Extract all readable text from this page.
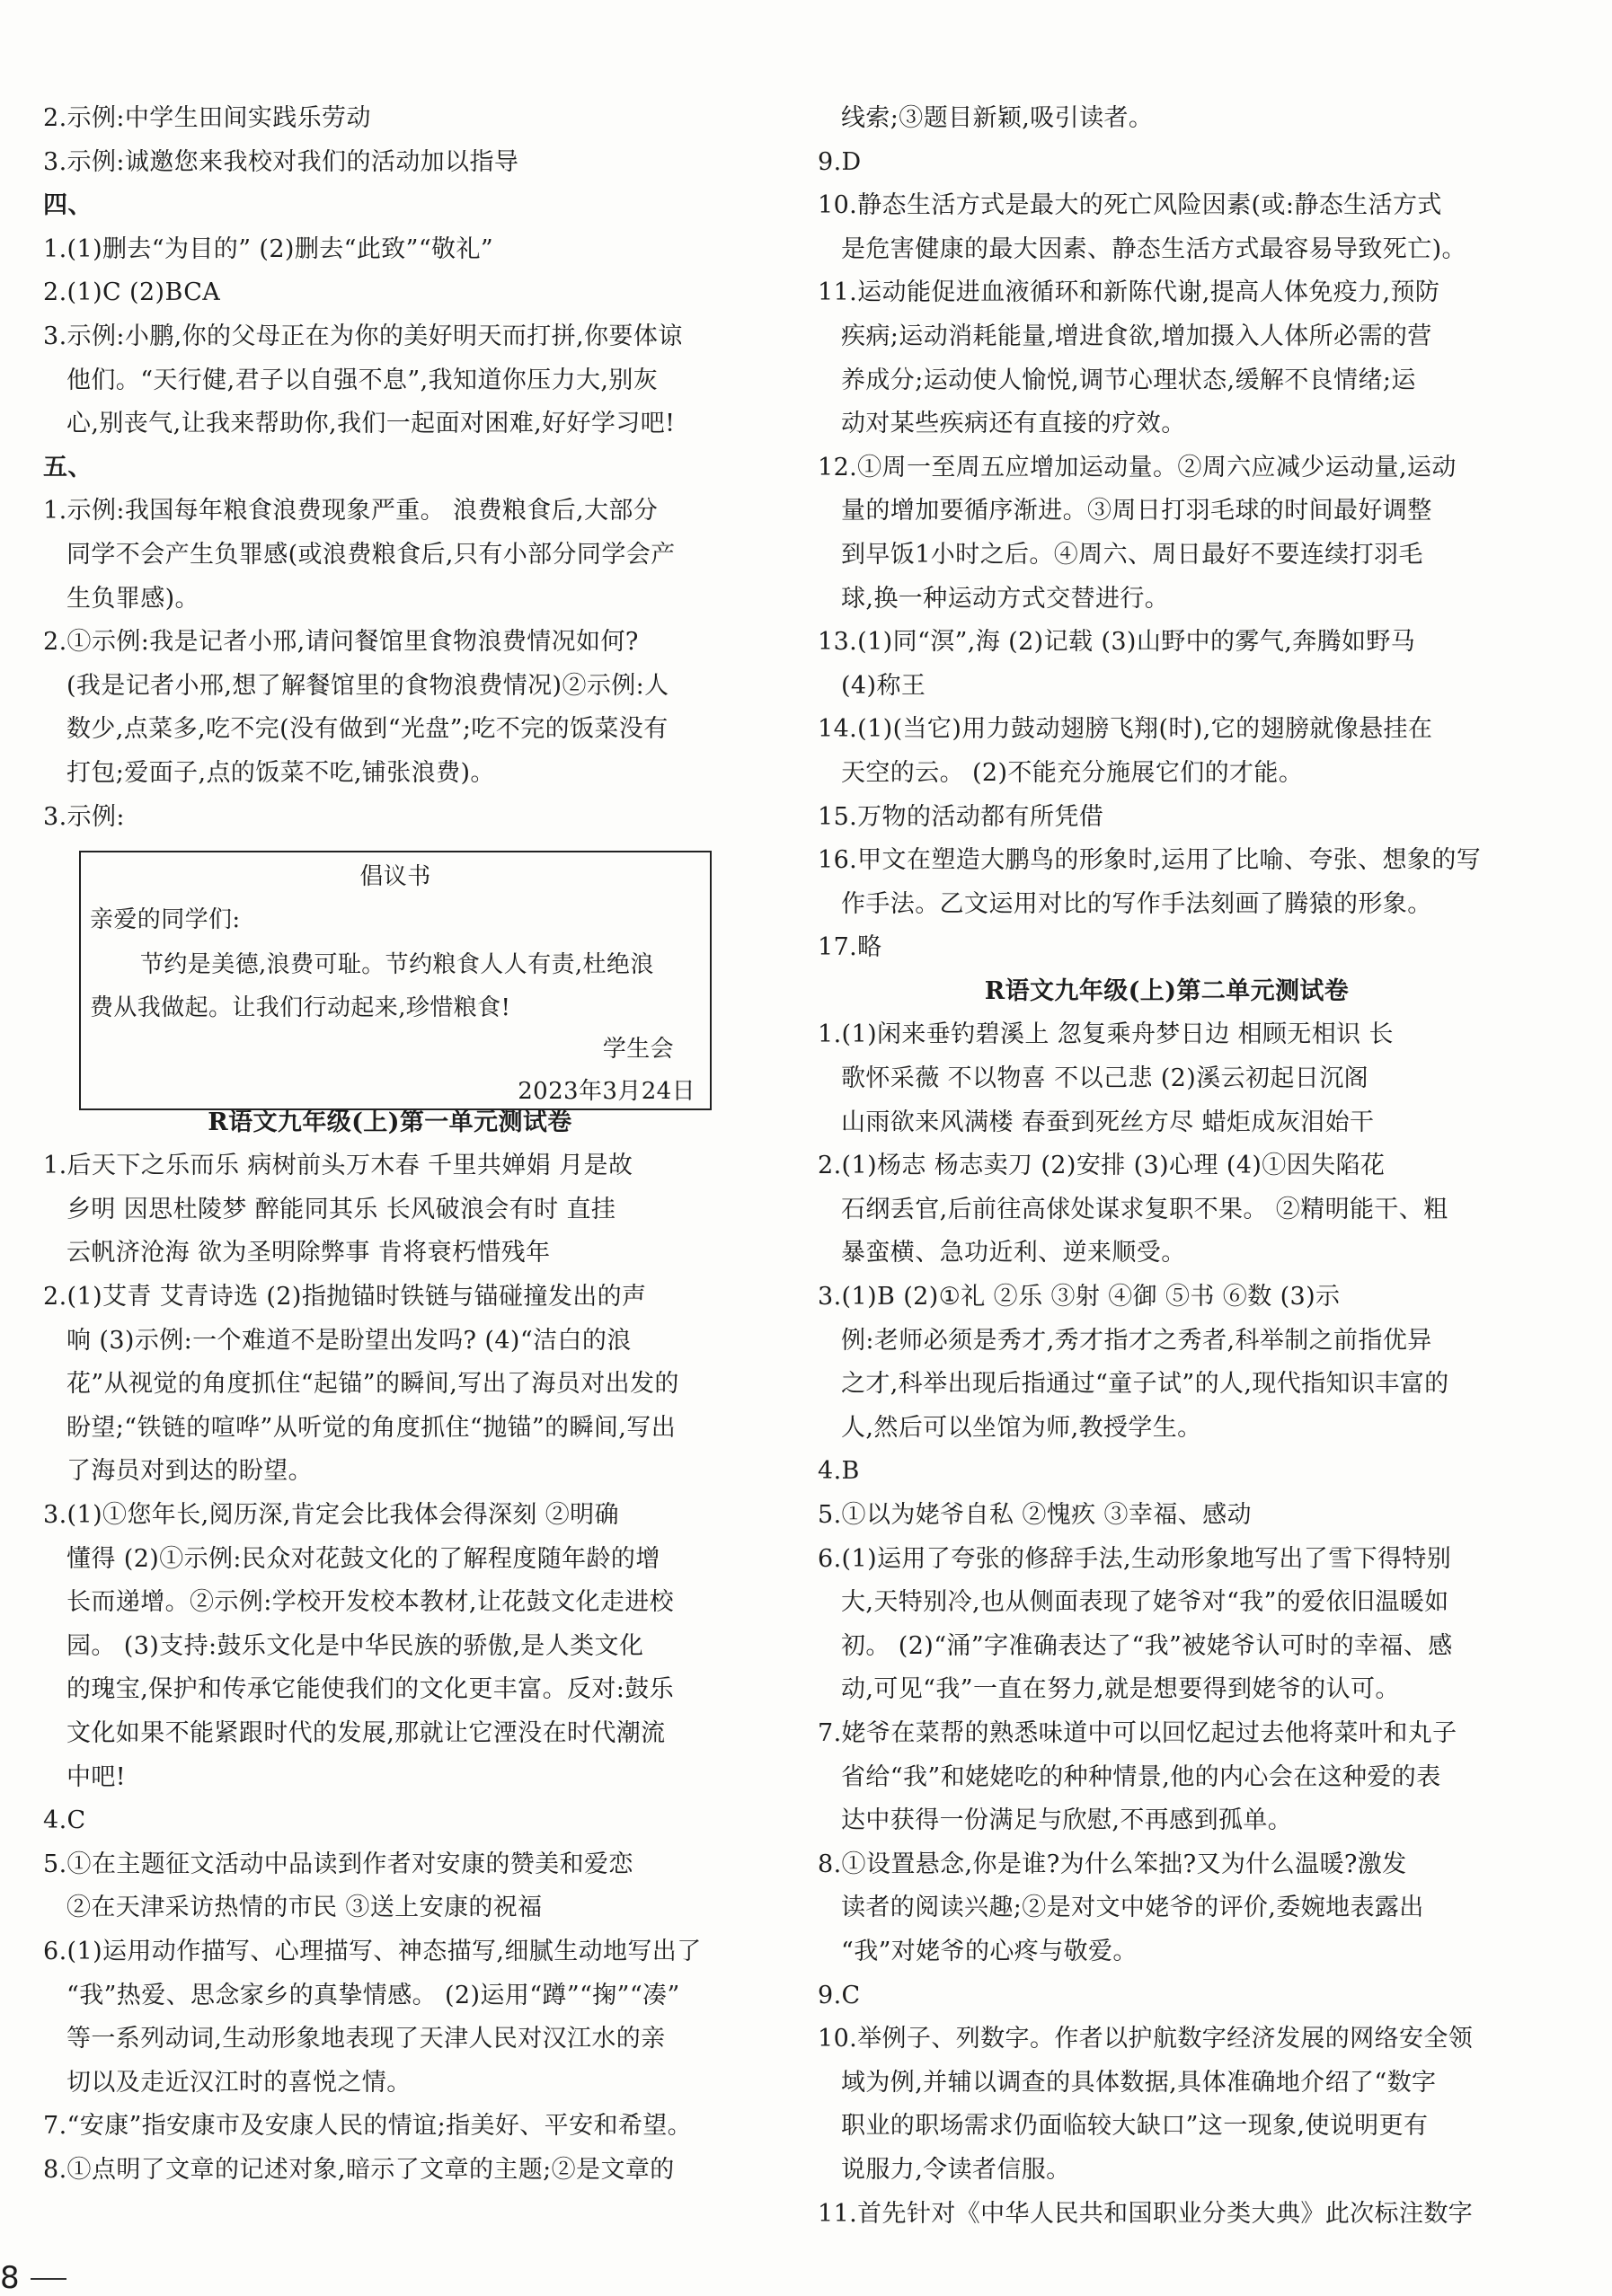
2.示例:中学生田间实践乐劳动
3.示例:诚邀您来我校对我们的活动加以指导
四、
1.(1)删去“为目的” (2)删去“此致”“敬礼”
2.(1)C (2)BCA
3.示例:小鹏,你的父母正在为你的美好明天而打拼,你要体谅
他们。“天行健,君子以自强不息”,我知道你压力大,别灰
心,别丧气,让我来帮助你,我们一起面对困难,好好学习吧!
五、
1.示例:我国每年粮食浪费现象严重。 浪费粮食后,大部分
同学不会产生负罪感(或浪费粮食后,只有小部分同学会产
生负罪感)。
2.①示例:我是记者小邢,请问餐馆里食物浪费情况如何?
(我是记者小邢,想了解餐馆里的食物浪费情况)②示例:人
数少,点菜多,吃不完(没有做到“光盘”;吃不完的饭菜没有
打包;爱面子,点的饭菜不吃,铺张浪费)。
3.示例:
R语文九年级(上)第一单元测试卷
1.后天下之乐而乐 病树前头万木春 千里共婵娟 月是故
乡明 因思杜陵梦 醉能同其乐 长风破浪会有时 直挂
云帆济沧海 欲为圣明除弊事 肯将衰朽惜残年
2.(1)艾青 艾青诗选 (2)指抛锚时铁链与锚碰撞发出的声
响 (3)示例:一个难道不是盼望出发吗? (4)“洁白的浪
花”从视觉的角度抓住“起锚”的瞬间,写出了海员对出发的
盼望;“铁链的喧哗”从听觉的角度抓住“抛锚”的瞬间,写出
了海员对到达的盼望。
3.(1)①您年长,阅历深,肯定会比我体会得深刻 ②明确
懂得 (2)①示例:民众对花鼓文化的了解程度随年龄的增
长而递增。②示例:学校开发校本教材,让花鼓文化走进校
园。 (3)支持:鼓乐文化是中华民族的骄傲,是人类文化
的瑰宝,保护和传承它能使我们的文化更丰富。反对:鼓乐
文化如果不能紧跟时代的发展,那就让它湮没在时代潮流
中吧!
4.C
5.①在主题征文活动中品读到作者对安康的赞美和爱恋
②在天津采访热情的市民 ③送上安康的祝福
6.(1)运用动作描写、心理描写、神态描写,细腻生动地写出了
“我”热爱、思念家乡的真挚情感。 (2)运用“蹲”“掬”“凑”
等一系列动词,生动形象地表现了天津人民对汉江水的亲
切以及走近汉江时的喜悦之情。
7.“安康”指安康市及安康人民的情谊;指美好、平安和希望。
8.①点明了文章的记述对象,暗示了文章的主题;②是文章的
线索;③题目新颖,吸引读者。
9.D
10.静态生活方式是最大的死亡风险因素(或:静态生活方式
是危害健康的最大因素、静态生活方式最容易导致死亡)。
11.运动能促进血液循环和新陈代谢,提高人体免疫力,预防
疾病;运动消耗能量,增进食欲,增加摄入人体所必需的营
养成分;运动使人愉悦,调节心理状态,缓解不良情绪;运
动对某些疾病还有直接的疗效。
12.①周一至周五应增加运动量。②周六应减少运动量,运动
量的增加要循序渐进。③周日打羽毛球的时间最好调整
到早饭1小时之后。④周六、周日最好不要连续打羽毛
球,换一种运动方式交替进行。
13.(1)同“溟”,海 (2)记载 (3)山野中的雾气,奔腾如野马
(4)称王
14.(1)(当它)用力鼓动翅膀飞翔(时),它的翅膀就像悬挂在
天空的云。 (2)不能充分施展它们的才能。
15.万物的活动都有所凭借
16.甲文在塑造大鹏鸟的形象时,运用了比喻、夸张、想象的写
作手法。乙文运用对比的写作手法刻画了腾猿的形象。
17.略
R语文九年级(上)第二单元测试卷
1.(1)闲来垂钓碧溪上 忽复乘舟梦日边 相顾无相识 长
歌怀采薇 不以物喜 不以己悲 (2)溪云初起日沉阁
山雨欲来风满楼 春蚕到死丝方尽 蜡炬成灰泪始干
2.(1)杨志 杨志卖刀 (2)安排 (3)心理 (4)①因失陷花
石纲丢官,后前往高俅处谋求复职不果。 ②精明能干、粗
暴蛮横、急功近利、逆来顺受。
3.(1)B (2)①礼 ②乐 ③射 ④御 ⑤书 ⑥数 (3)示
例:老师必须是秀才,秀才指才之秀者,科举制之前指优异
之才,科举出现后指通过“童子试”的人,现代指知识丰富的
人,然后可以坐馆为师,教授学生。
4.B
5.①以为姥爷自私 ②愧疚 ③幸福、感动
6.(1)运用了夸张的修辞手法,生动形象地写出了雪下得特别
大,天特别冷,也从侧面表现了姥爷对“我”的爱依旧温暖如
初。 (2)“涌”字准确表达了“我”被姥爷认可时的幸福、感
动,可见“我”一直在努力,就是想要得到姥爷的认可。
7.姥爷在菜帮的熟悉味道中可以回忆起过去他将菜叶和丸子
省给“我”和姥姥吃的种种情景,他的内心会在这种爱的表
达中获得一份满足与欣慰,不再感到孤单。
8.①设置悬念,你是谁?为什么笨拙?又为什么温暖?激发
读者的阅读兴趣;②是对文中姥爷的评价,委婉地表露出
“我”对姥爷的心疼与敬爱。
9.C
10.举例子、列数字。作者以护航数字经济发展的网络安全领
域为例,并辅以调查的具体数据,具体准确地介绍了“数字
职业的职场需求仍面临较大缺口”这一现象,使说明更有
说服力,令读者信服。
11.首先针对《中华人民共和国职业分类大典》此次标注数字
倡议书
亲爱的同学们:
节约是美德,浪费可耻。节约粮食人人有责,杜绝浪
费从我做起。让我们行动起来,珍惜粮食!
学生会
2023年3月24日
8
